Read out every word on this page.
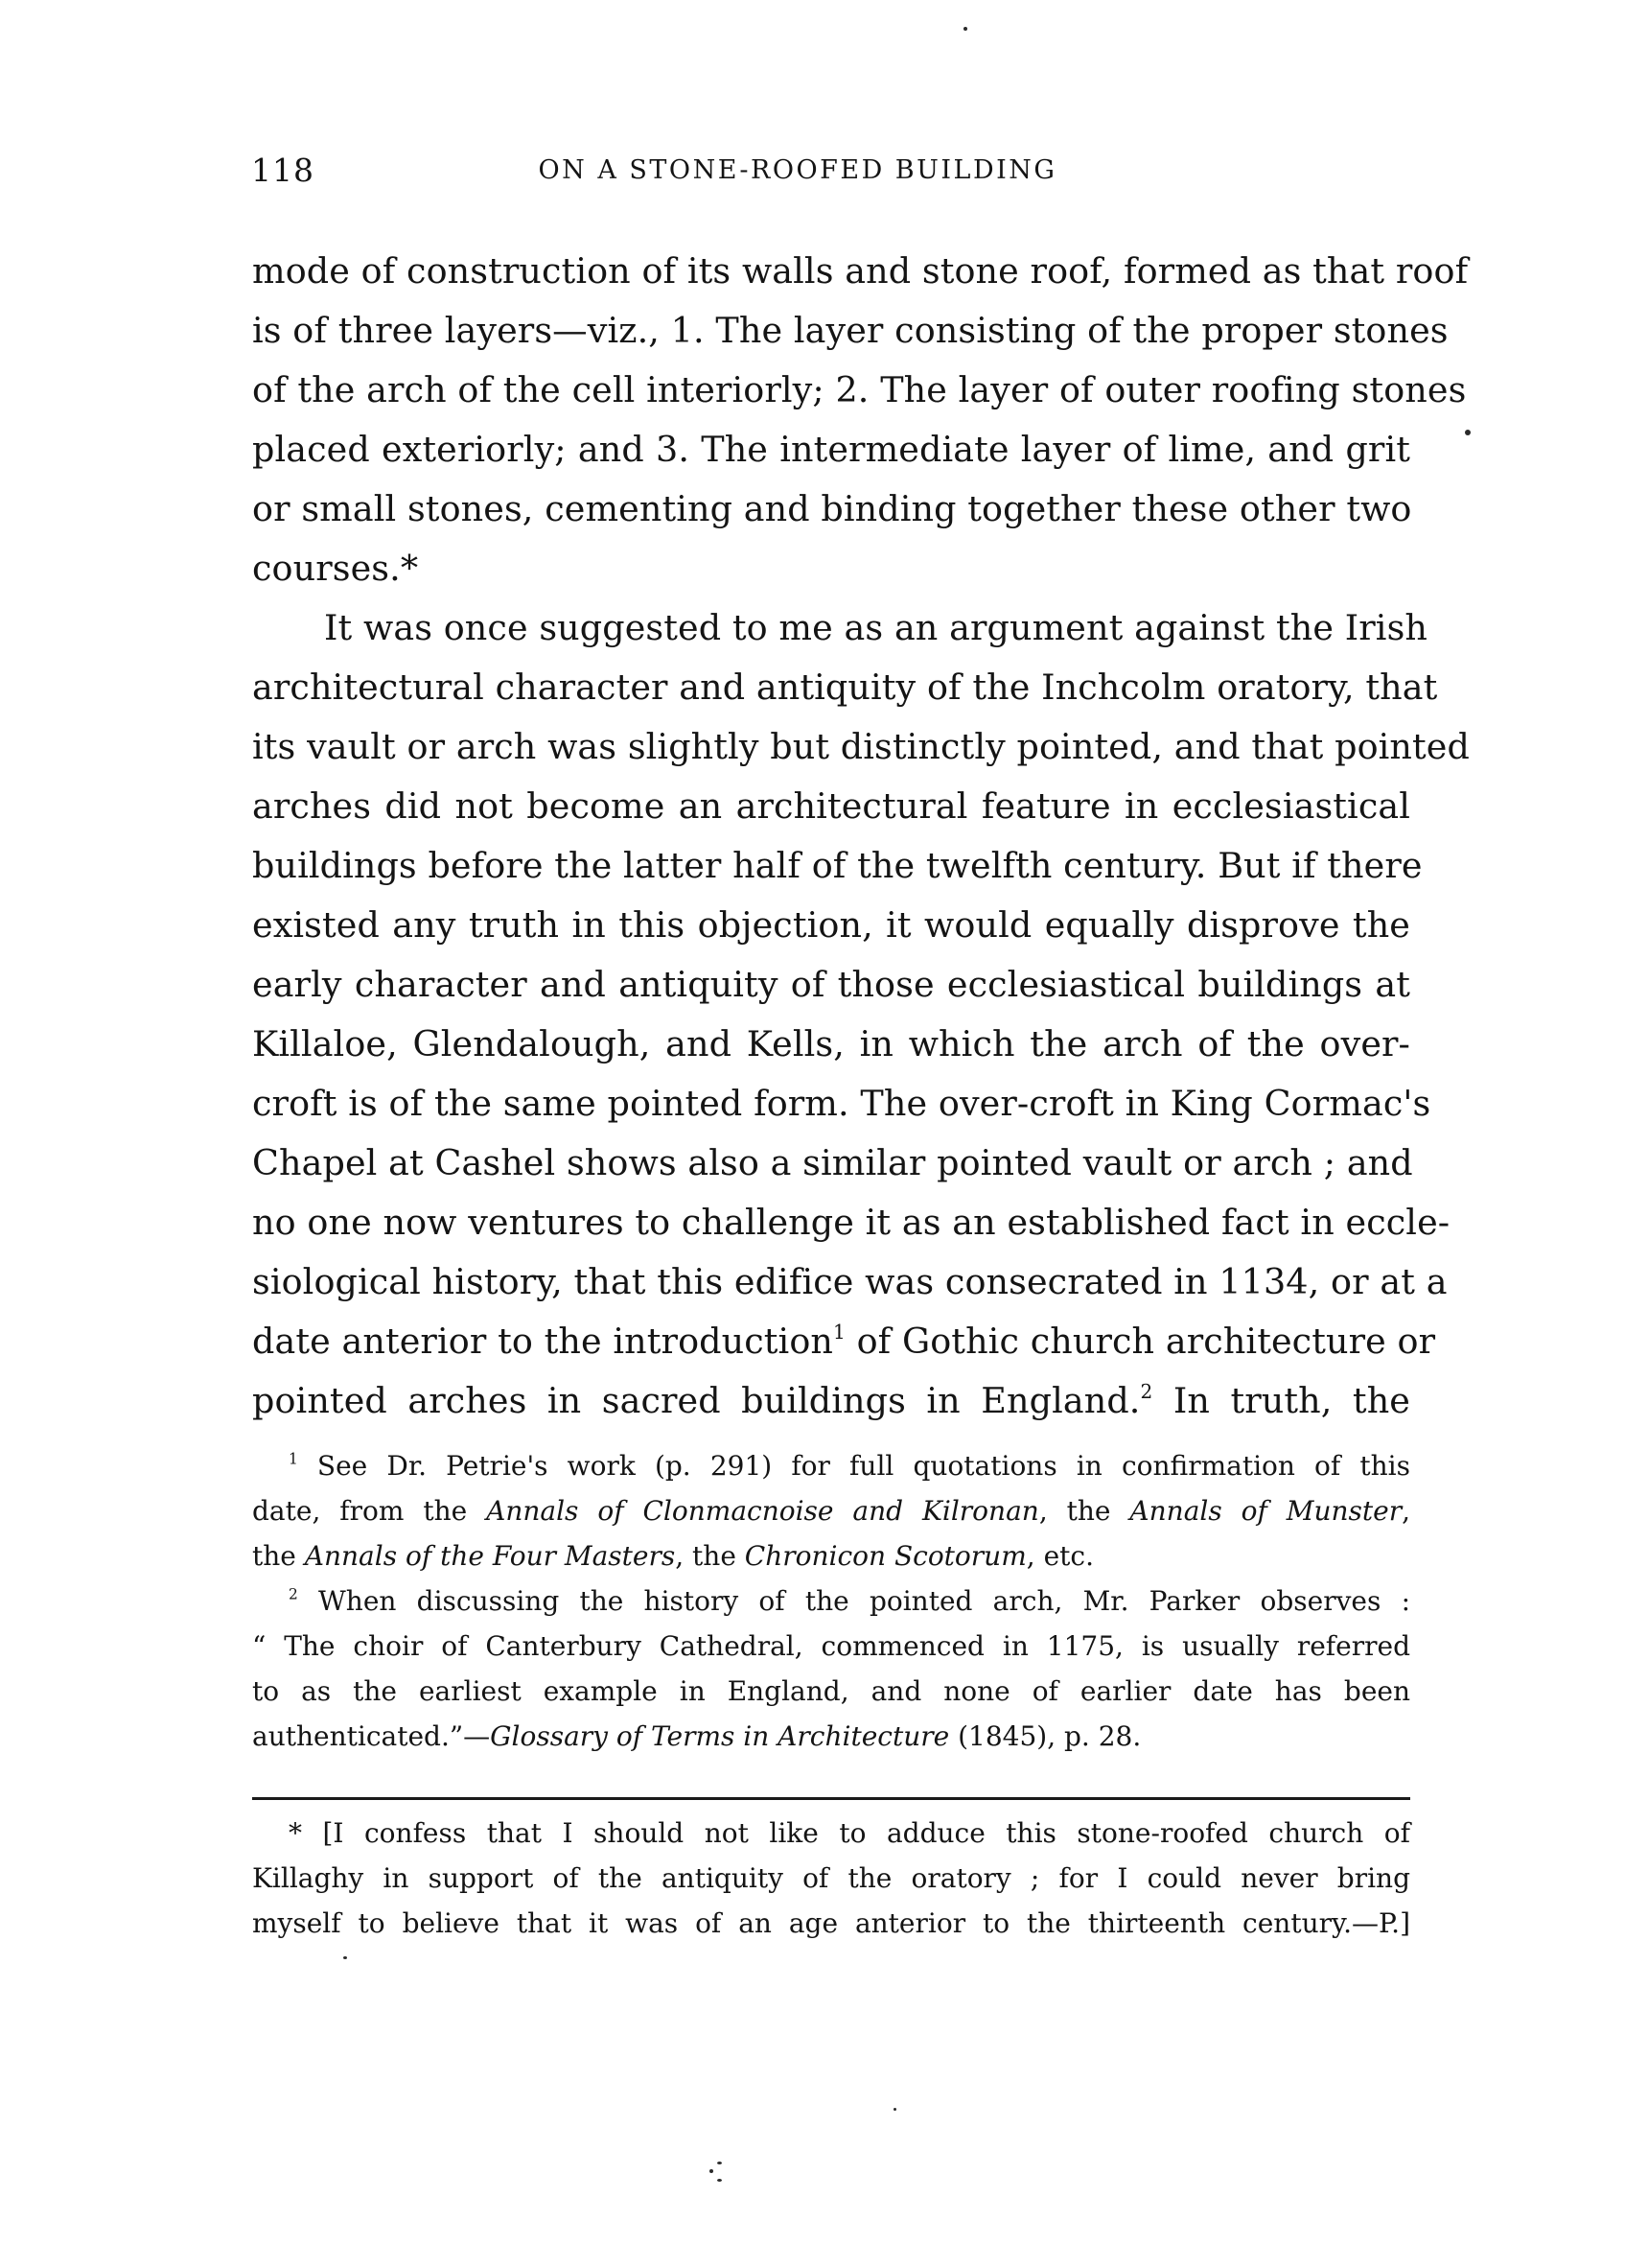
118	ON A STONE-ROOFED BUILDING
mode of construction of its walls and stone roof, formed as that roof
is of three layers—viz., 1. The layer consisting of the proper stones
of the arch of the cell interiorly; 2. The layer of outer roofing stones
placed exteriorly; and 3. The intermediate layer of lime, and grit
or small stones, cementing and binding together these other two
courses.*
It was once suggested to me as an argument against the Irish
architectural character and antiquity of the Inchcolm oratory, that
its vault or arch was slightly but distinctly pointed, and that pointed
arches did not become an architectural feature in ecclesiastical
buildings before the latter half of the twelfth century. But if there
existed any truth in this objection, it would equally disprove the
early character and antiquity of those ecclesiastical buildings at
Killaloe, Glendalough, and Kells, in which the arch of the over-
croft is of the same pointed form. The over-croft in King Cormac's
Chapel at Cashel shows also a similar pointed vault or arch ; and
no one now ventures to challenge it as an established fact in eccle-
siological history, that this edifice was consecrated in 1134, or at a
date anterior to the introduction$^1$ of Gothic church architecture or
pointed arches in sacred buildings in England.$^2$ In truth, the
$^1$ See Dr. Petrie's work (p. 291) for full quotations in confirmation of this
date, from the Annals of Clonmacnoise and Kilronan, the Annals of Munster,
the Annals of the Four Masters, the Chronicon Scotorum, etc.
$^2$ When discussing the history of the pointed arch, Mr. Parker observes :
“ The choir of Canterbury Cathedral, commenced in 1175, is usually referred
to as the earliest example in England, and none of earlier date has been
authenticated.”—Glossary of Terms in Architecture (1845), p. 28.
* [I confess that I should not like to adduce this stone-roofed church of
Killaghy in support of the antiquity of the oratory ; for I could never bring
myself to believe that it was of an age anterior to the thirteenth century.—P.]
